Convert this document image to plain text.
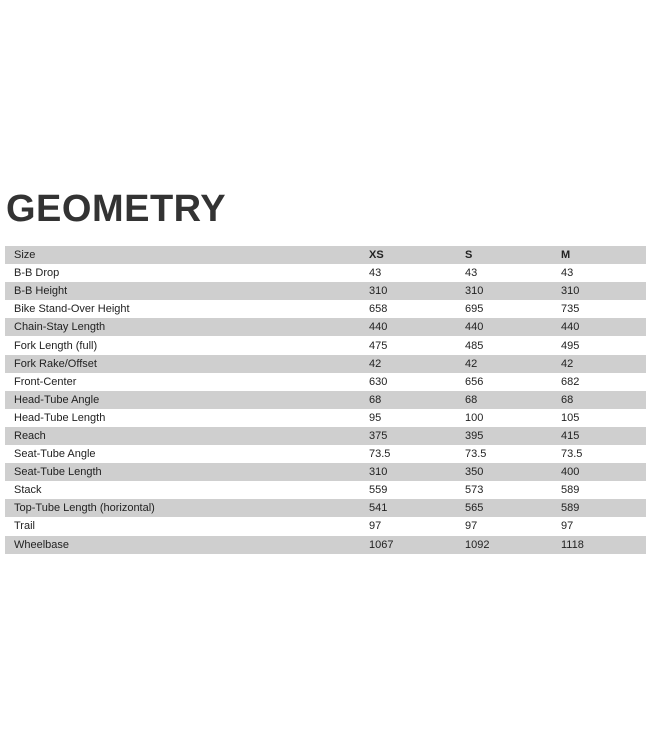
GEOMETRY
Size	XS	S	M
B-B Drop	43	43	43
B-B Height	310	310	310
Bike Stand-Over Height	658	695	735
Chain-Stay Length	440	440	440
Fork Length (full)	475	485	495
Fork Rake/Offset	42	42	42
Front-Center	630	656	682
Head-Tube Angle	68	68	68
Head-Tube Length	95	100	105
Reach	375	395	415
Seat-Tube Angle	73.5	73.5	73.5
Seat-Tube Length	310	350	400
Stack	559	573	589
Top-Tube Length (horizontal)	541	565	589
Trail	97	97	97
Wheelbase	1067	1092	1118
